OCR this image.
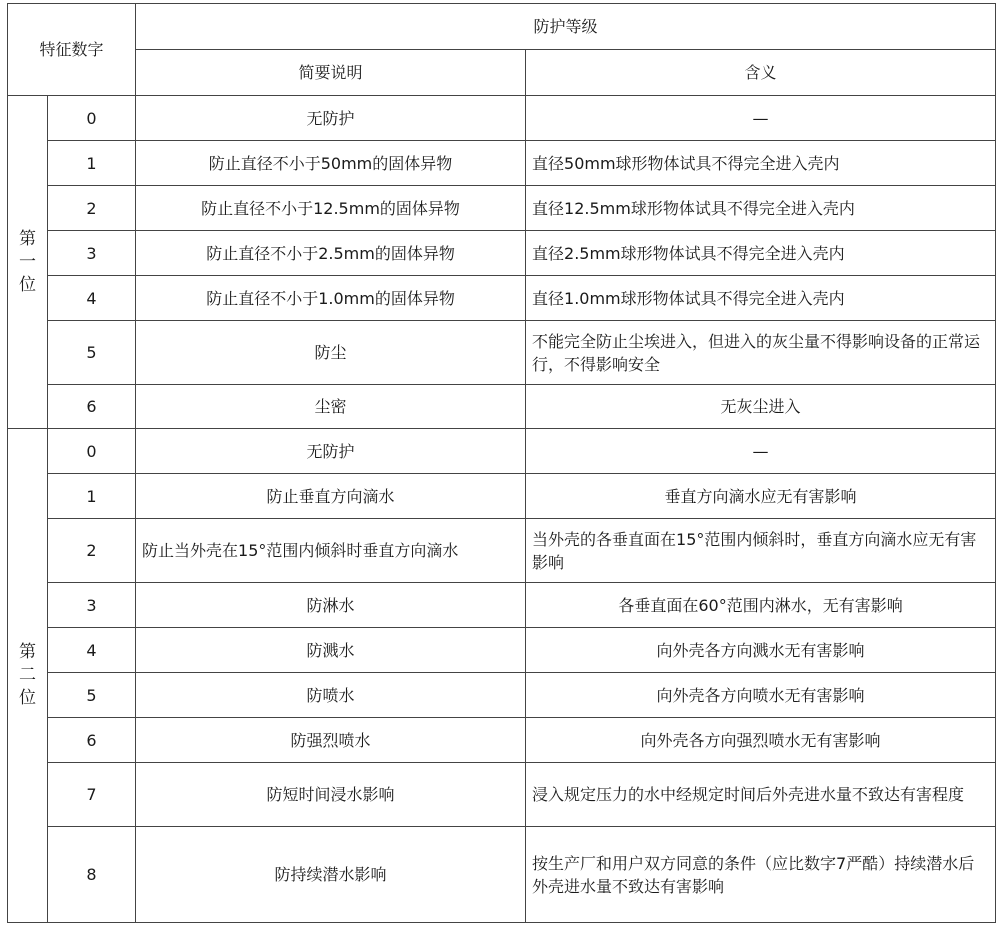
特征数字		防护等级	
		简要说明	含义

第
一
位	0	无防护	—
	1	防止直径不小于50mm的固体异物	直径50mm球形物体试具不得完全进入壳内
	2	防止直径不小于12.5mm的固体异物	直径12.5mm球形物体试具不得完全进入壳内
	3	防止直径不小于2.5mm的固体异物	直径2.5mm球形物体试具不得完全进入壳内
	4	防止直径不小于1.0mm的固体异物	直径1.0mm球形物体试具不得完全进入壳内
	5	防尘	不能完全防止尘埃进入，但进入的灰尘量不得影响设备的正常运行，不得影响安全
	6	尘密	无灰尘进入

第
二
位	0	无防护	—
	1	防止垂直方向滴水	垂直方向滴水应无有害影响
	2	防止当外壳在15°范围内倾斜时垂直方向滴水	当外壳的各垂直面在15°范围内倾斜时，垂直方向滴水应无有害影响
	3	防淋水	各垂直面在60°范围内淋水，无有害影响
	4	防溅水	向外壳各方向溅水无有害影响
	5	防喷水	向外壳各方向喷水无有害影响
	6	防强烈喷水	向外壳各方向强烈喷水无有害影响
	7	防短时间浸水影响	浸入规定压力的水中经规定时间后外壳进水量不致达有害程度
	8	防持续潜水影响	按生产厂和用户双方同意的条件（应比数字7严酷）持续潜水后外壳进水量不致达有害影响
